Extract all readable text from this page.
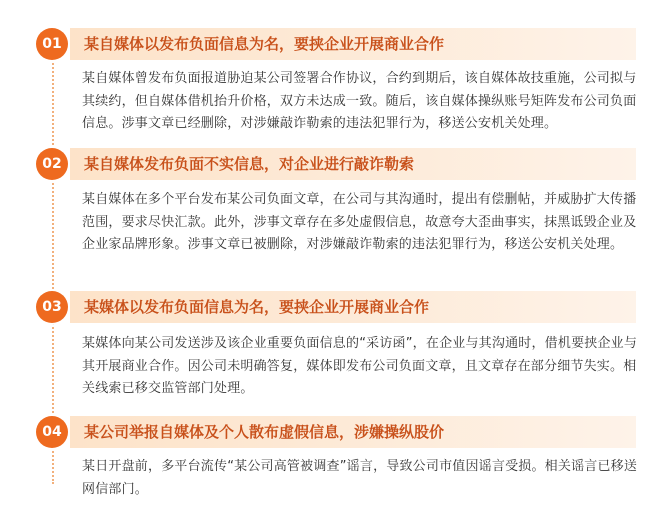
某自媒体以发布负面信息为名，要挟企业开展商业合作
01

某自媒体曾发布负面报道胁迫某公司签署合作协议，合约到期后，该自媒体故技重施，公司拟与其续约，但自媒体借机抬升价格，双方未达成一致。随后，该自媒体操纵账号矩阵发布公司负面信息。涉事文章已经删除，对涉嫌敲诈勒索的违法犯罪行为，移送公安机关处理。

某自媒体发布负面不实信息，对企业进行敲诈勒索
02

某自媒体在多个平台发布某公司负面文章，在公司与其沟通时，提出有偿删帖，并威胁扩大传播范围，要求尽快汇款。此外，涉事文章存在多处虚假信息，故意夸大歪曲事实，抹黑诋毁企业及企业家品牌形象。涉事文章已被删除，对涉嫌敲诈勒索的违法犯罪行为，移送公安机关处理。

某媒体以发布负面信息为名，要挟企业开展商业合作
03

某媒体向某公司发送涉及该企业重要负面信息的“采访函”，在企业与其沟通时，借机要挟企业与其开展商业合作。因公司未明确答复，媒体即发布公司负面文章，且文章存在部分细节失实。相关线索已移交监管部门处理。

某公司举报自媒体及个人散布虚假信息，涉嫌操纵股价
04

某日开盘前，多平台流传“某公司高管被调查”谣言，导致公司市值因谣言受损。相关谣言已移送网信部门。
